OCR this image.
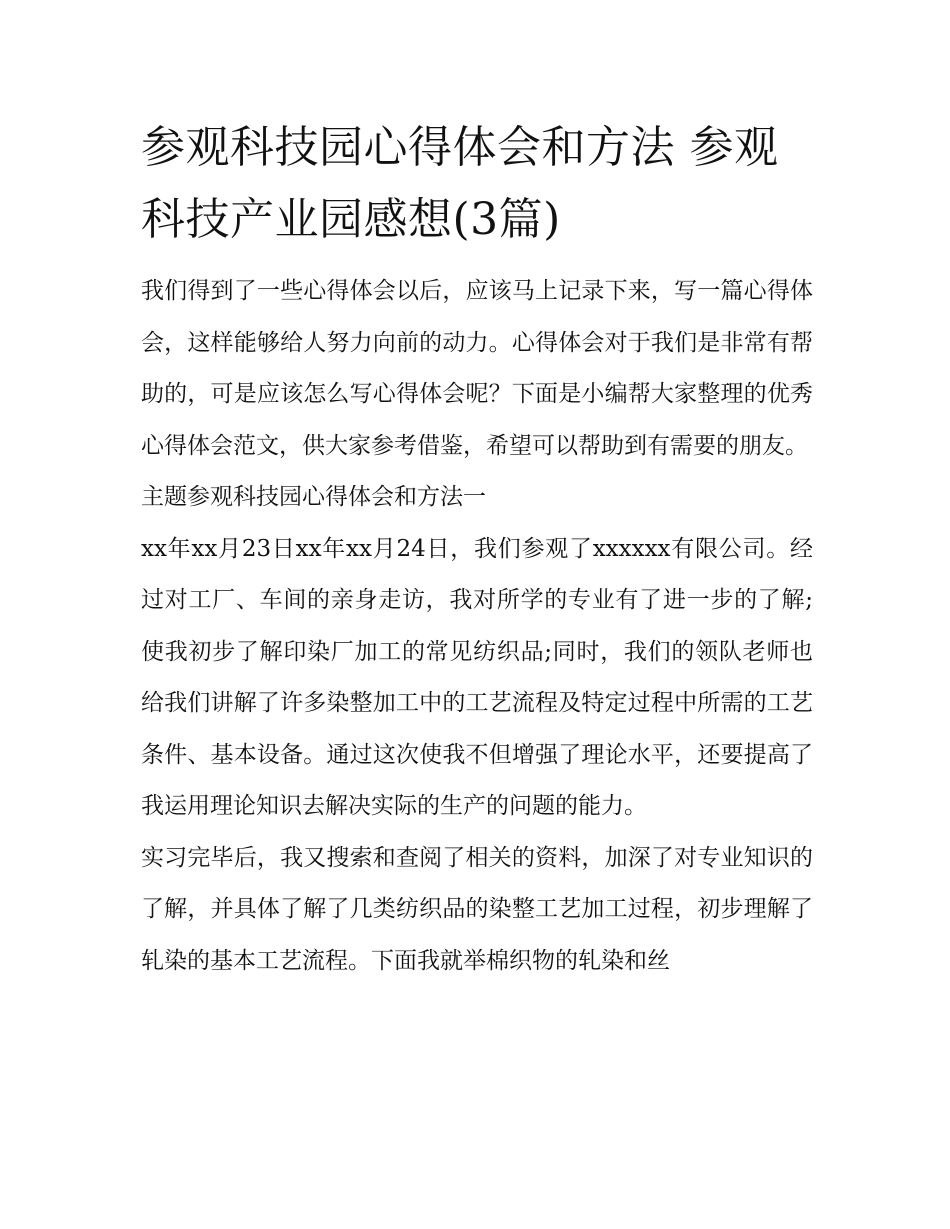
参观科技园心得体会和方法 参观科技产业园感想(3篇)

我们得到了一些心得体会以后，应该马上记录下来，写一篇心得体会，这样能够给人努力向前的动力。心得体会对于我们是非常有帮助的，可是应该怎么写心得体会呢？下面是小编帮大家整理的优秀心得体会范文，供大家参考借鉴，希望可以帮助到有需要的朋友。

主题参观科技园心得体会和方法一

xx年xx月23日xx年xx月24日，我们参观了xxxxxx有限公司。经过对工厂、车间的亲身走访，我对所学的专业有了进一步的了解;使我初步了解印染厂加工的常见纺织品;同时，我们的领队老师也给我们讲解了许多染整加工中的工艺流程及特定过程中所需的工艺条件、基本设备。通过这次使我不但增强了理论水平，还要提高了我运用理论知识去解决实际的生产的问题的能力。

实习完毕后，我又搜索和查阅了相关的资料，加深了对专业知识的了解，并具体了解了几类纺织品的染整工艺加工过程，初步理解了轧染的基本工艺流程。下面我就举棉织物的轧染和丝
